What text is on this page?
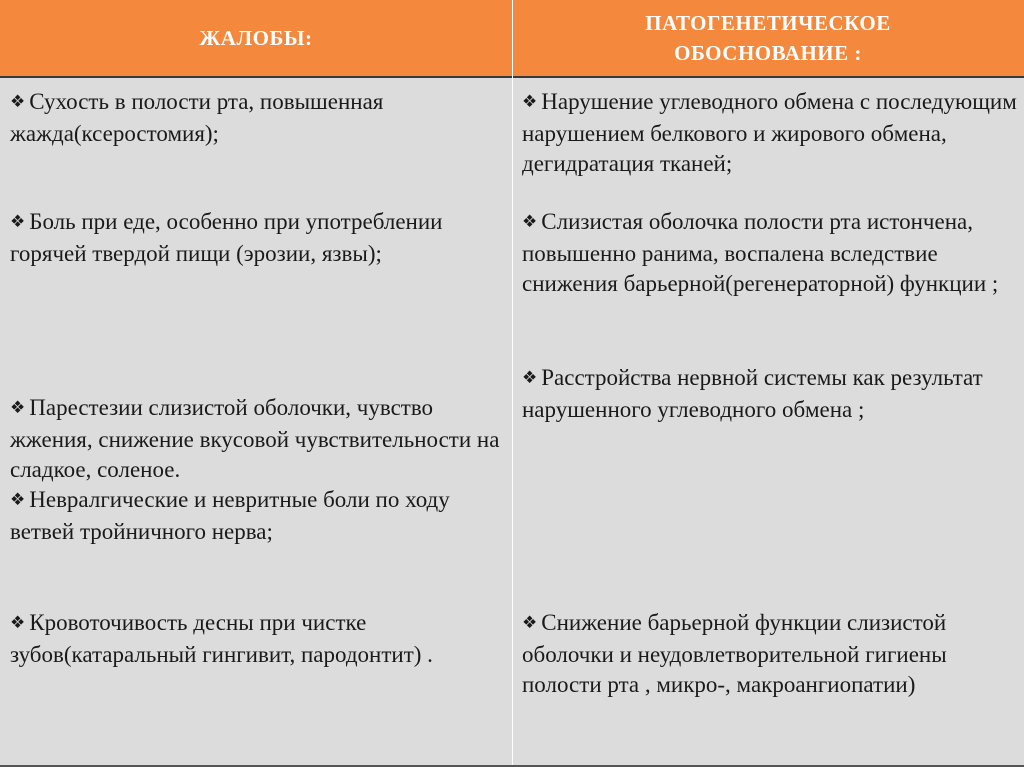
ЖАЛОБЫ:
ПАТОГЕНЕТИЧЕСКОЕ
ОБОСНОВАНИЕ :

❖ Сухость в полости рта, повышенная жажда(ксеростомия);

❖ Боль при еде, особенно при употреблении горячей твердой пищи (эрозии, язвы);

❖ Парестезии слизистой оболочки, чувство жжения, снижение вкусовой чувствительности на сладкое, соленое.

❖ Невралгические и невритные боли по ходу ветвей тройничного нерва;

❖ Кровоточивость десны при чистке зубов(катаральный гингивит, пародонтит) .

❖ Нарушение углеводного обмена с последующим нарушением белкового и жирового обмена, дегидратация тканей;

❖ Слизистая оболочка полости рта истончена, повышенно ранима, воспалена вследствие снижения барьерной(регенераторной) функции ;

❖ Расстройства нервной системы как результат нарушенного углеводного обмена ;

❖ Снижение барьерной функции слизистой оболочки и неудовлетворительной гигиены полости рта , микро-, макроангиопатии)
